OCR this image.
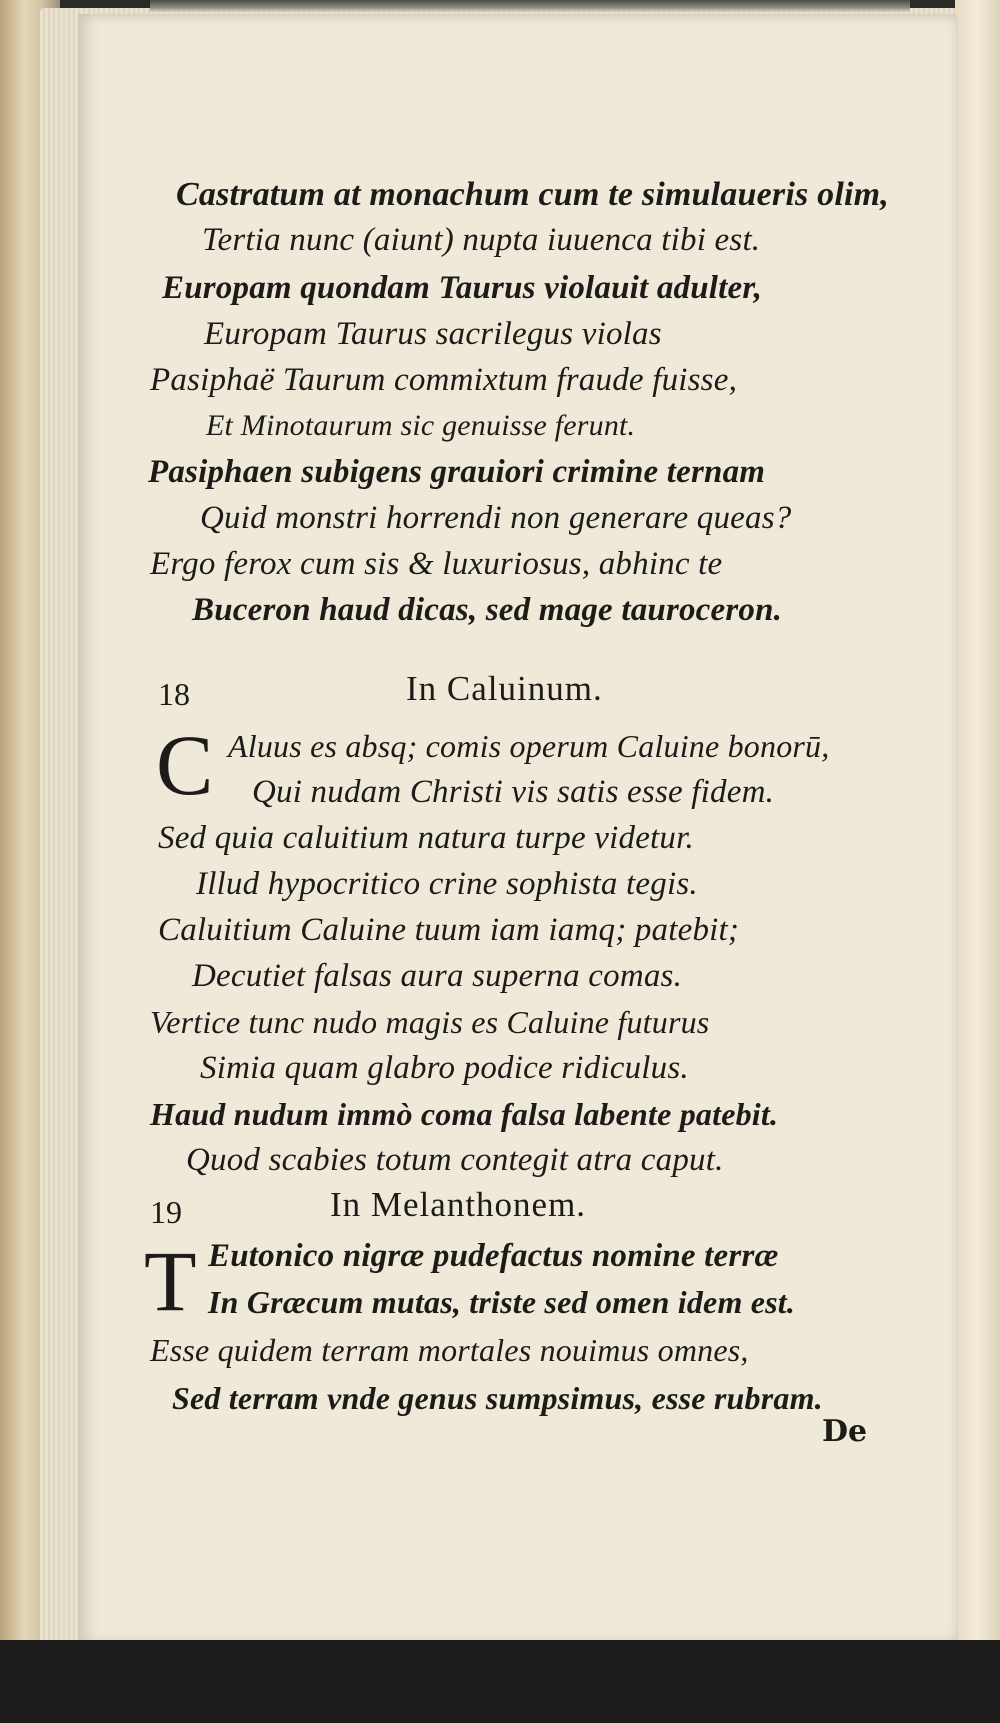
Castratum at monachum cum te simulaueris olim,
Tertia nunc (aiunt) nupta iuuenca tibi est.
Europam quondam Taurus violauit adulter,
Europam Taurus sacrilegus violas
Pasiphaë Taurum commixtum fraude fuisse,
Et Minotaurum sic genuisse ferunt.
Pasiphaen subigens grauiori crimine ternam
Quid monstri horrendi non generare queas?
Ergo ferox cum sis & luxuriosus, abhinc te
Buceron haud dicas, sed mage tauroceron.
18	In Caluinum.
C Aluus es absq; comis operum Caluine bonorū,
Qui nudam Christi vis satis esse fidem.
Sed quia caluitium natura turpe videtur.
Illud hypocritico crine sophista tegis.
Caluitium Caluine tuum iam iamq; patebit;
Decutiet falsas aura superna comas.
Vertice tunc nudo magis es Caluine futurus
Simia quam glabro podice ridiculus.
Haud nudum immò coma falsa labente patebit.
Quod scabies totum contegit atra caput.
19	In Melanthonem.
T Eutonico nigræ pudefactus nomine terræ
In Græcum mutas, triste sed omen idem est.
Esse quidem terram mortales nouimus omnes,
Sed terram vnde genus sumpsimus, esse rubram.
De
